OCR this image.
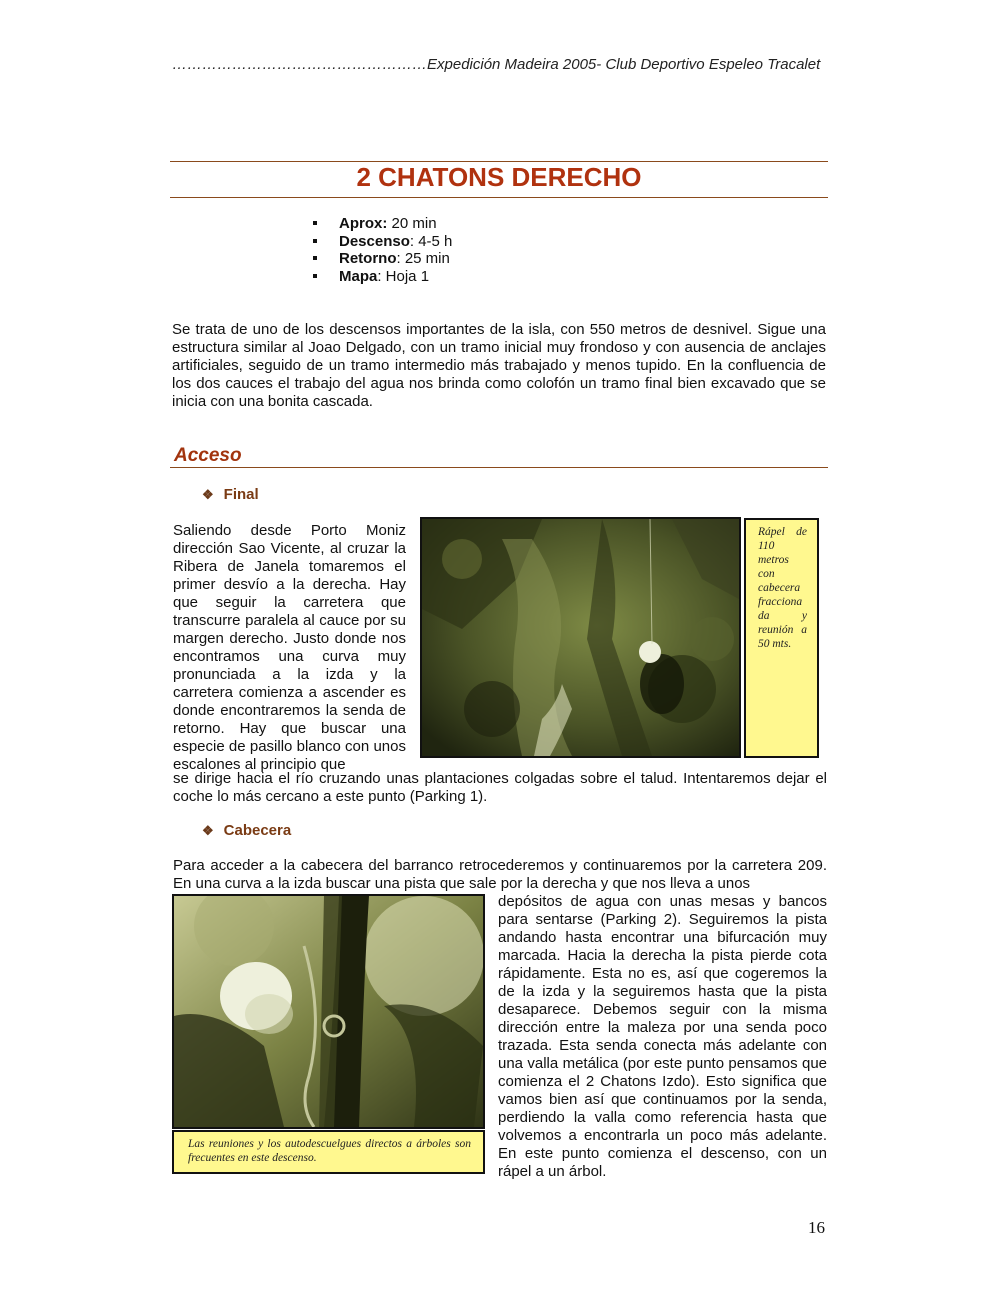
……………………………………………Expedición Madeira 2005- Club Deportivo Espeleo Tracalet
2 CHATONS DERECHO
Aprox: 20 min
Descenso: 4-5 h
Retorno: 25 min
Mapa: Hoja 1
Se trata de uno de los descensos importantes de la isla, con 550 metros de desnivel. Sigue una estructura similar al Joao Delgado, con un tramo inicial muy frondoso y con ausencia de anclajes artificiales, seguido de un tramo intermedio más trabajado y menos tupido. En la confluencia de los dos cauces el trabajo del agua nos brinda como colofón un tramo final bien excavado que se inicia con una bonita cascada.
Acceso
❖ Final
Saliendo desde Porto Moniz dirección Sao Vicente, al cruzar la Ribera de Janela tomaremos el primer desvío a la derecha. Hay que seguir la carretera que transcurre paralela al cauce por su margen derecho. Justo donde nos encontramos una curva muy pronunciada a la izda y la carretera comienza a ascender es donde encontraremos la senda de retorno. Hay que buscar una especie de pasillo blanco con unos escalones al principio que
se dirige hacia el río cruzando unas plantaciones colgadas sobre el talud. Intentaremos dejar el coche lo más cercano a este punto (Parking 1).
Rápel de 110 metros con cabecera fracciona da y reunión a 50 mts.
❖ Cabecera
Para acceder a la cabecera del barranco retrocederemos y continuaremos por la carretera 209. En una curva a la izda buscar una pista que sale por la derecha y que nos lleva a unos
depósitos de agua con unas mesas y bancos para sentarse (Parking 2). Seguiremos la pista andando hasta encontrar una bifurcación muy marcada. Hacia la derecha la pista pierde cota rápidamente. Esta no es, así que cogeremos la de la izda y la seguiremos hasta que la pista desaparece. Debemos seguir con la misma dirección entre la maleza por una senda poco trazada. Esta senda conecta más adelante con una valla metálica (por este punto pensamos que comienza el 2 Chatons Izdo). Esto significa que vamos bien así que continuamos por la senda, perdiendo la valla como referencia hasta que volvemos a encontrarla un poco más adelante. En este punto comienza el descenso, con un rápel a un árbol.
Las reuniones y los autodescuelgues directos a árboles son frecuentes en este descenso.
16
